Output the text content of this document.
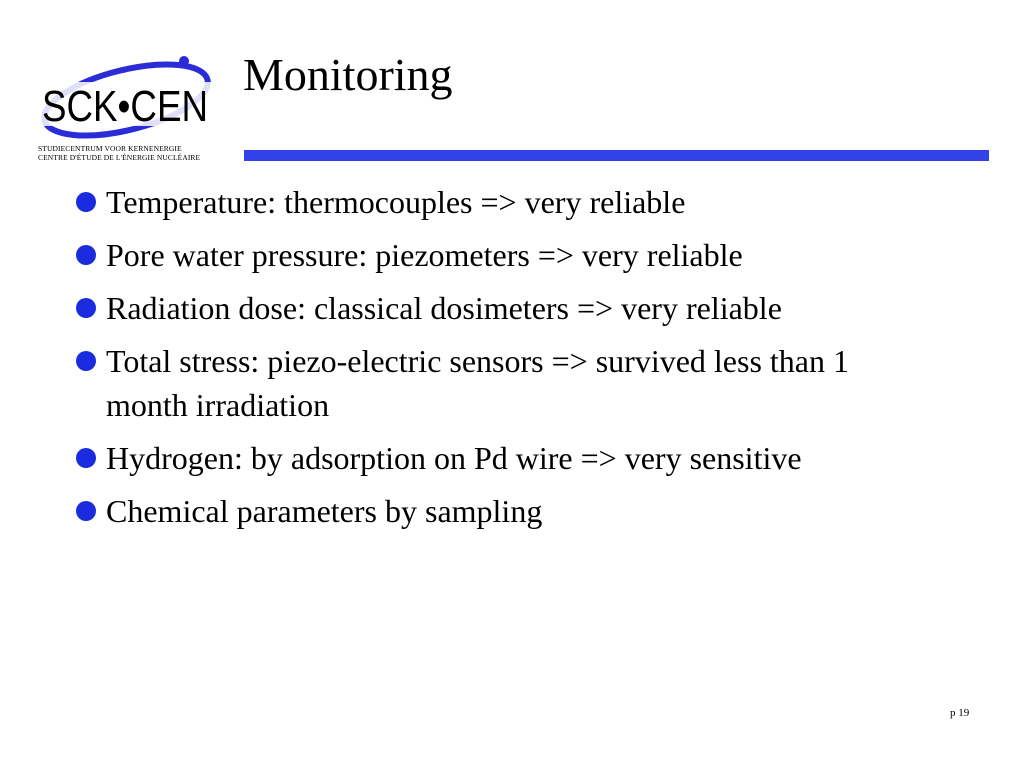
SCK•CEN
STUDIECENTRUM VOOR KERNENERGIE
CENTRE D'ÉTUDE DE L'ÉNERGIE NUCLÉAIRE
Monitoring
Temperature: thermocouples => very reliable
Pore water pressure: piezometers => very reliable
Radiation dose: classical dosimeters => very reliable
Total stress: piezo-electric sensors => survived less than 1 month irradiation
Hydrogen: by adsorption on Pd wire => very sensitive
Chemical parameters by sampling
p 19
